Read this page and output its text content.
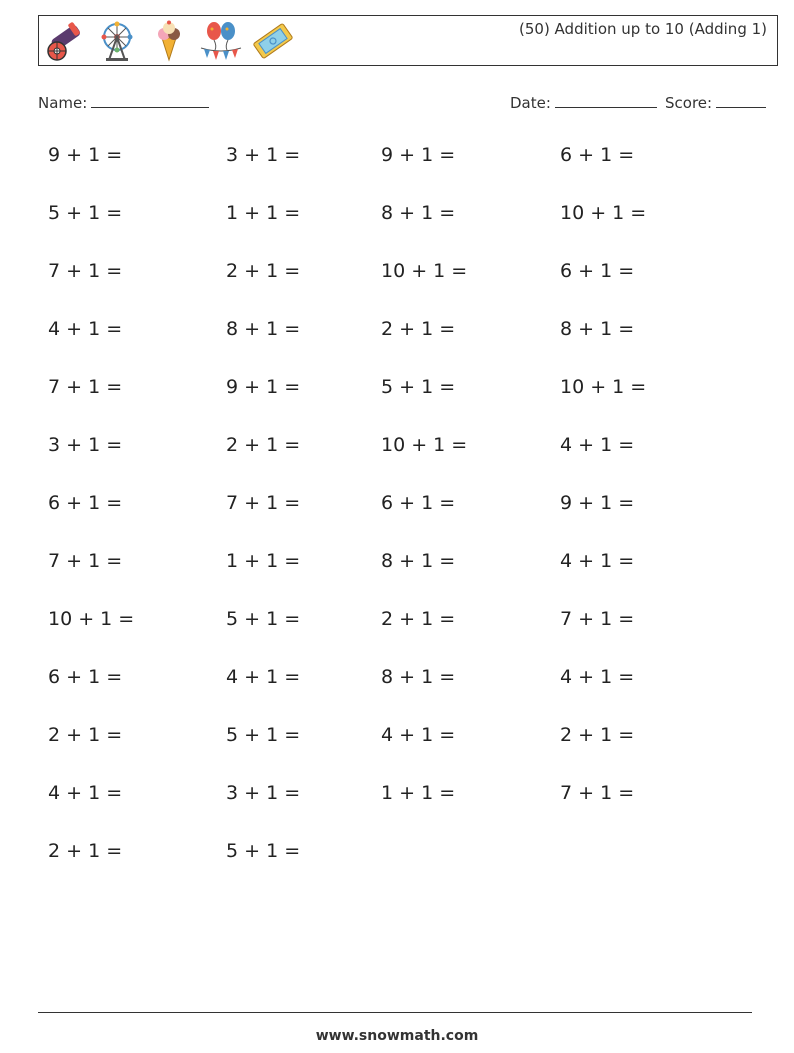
(50) Addition up to 10 (Adding 1)
Name:	Date:	Score:
9 + 1 =	3 + 1 =	9 + 1 =	6 + 1 =
5 + 1 =	1 + 1 =	8 + 1 =	10 + 1 =
7 + 1 =	2 + 1 =	10 + 1 =	6 + 1 =
4 + 1 =	8 + 1 =	2 + 1 =	8 + 1 =
7 + 1 =	9 + 1 =	5 + 1 =	10 + 1 =
3 + 1 =	2 + 1 =	10 + 1 =	4 + 1 =
6 + 1 =	7 + 1 =	6 + 1 =	9 + 1 =
7 + 1 =	1 + 1 =	8 + 1 =	4 + 1 =
10 + 1 =	5 + 1 =	2 + 1 =	7 + 1 =
6 + 1 =	4 + 1 =	8 + 1 =	4 + 1 =
2 + 1 =	5 + 1 =	4 + 1 =	2 + 1 =
4 + 1 =	3 + 1 =	1 + 1 =	7 + 1 =
2 + 1 =	5 + 1 =
www.snowmath.com
